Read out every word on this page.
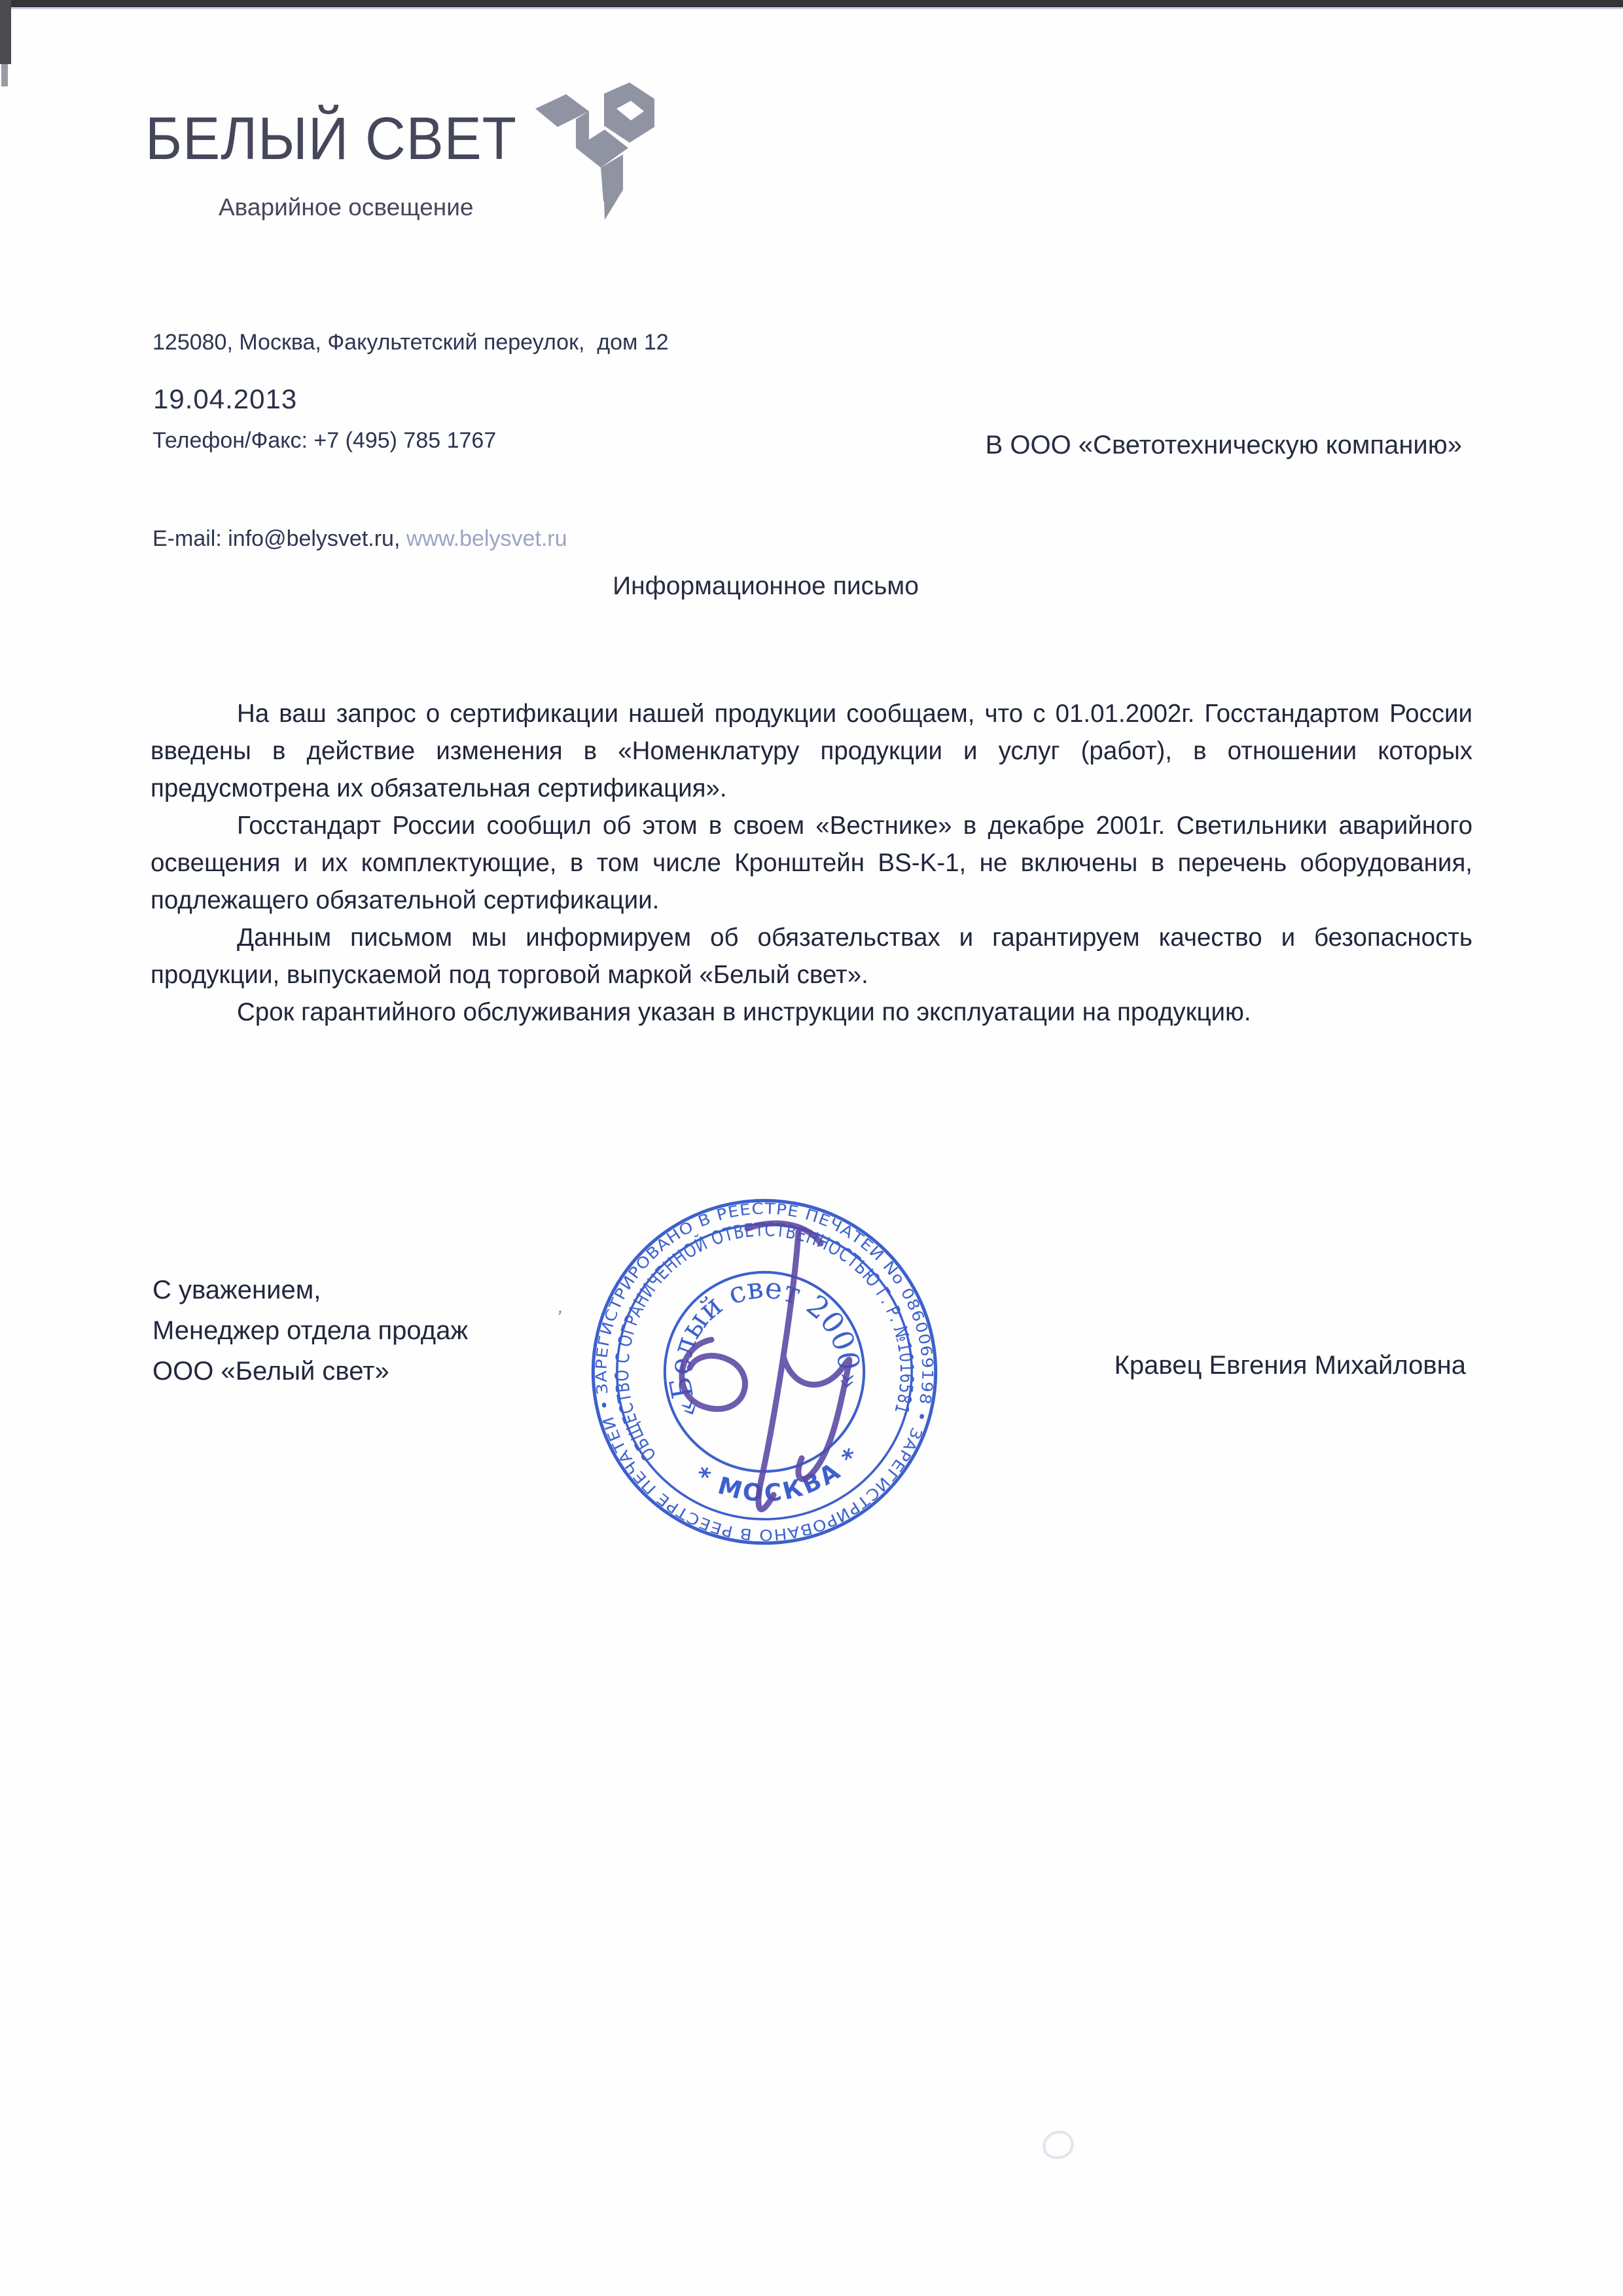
БЕЛЫЙ СВЕТ
Аварийное освещение

125080, Москва, Факультетский переулок,  дом 12

Телефон/Факс: +7 (495) 785 1767

E-mail: info@belysvet.ru, www.belysvet.ru

19.04.2013
В ООО «Светотехническую компанию»
Информационное письмо

На ваш запрос о сертификации нашей продукции сообщаем, что с 01.01.2002г. Госстандартом России введены в действие изменения в «Номенклатуру продукции и услуг (работ), в отношении которых предусмотрена их обязательная сертификация».

Госстандарт России сообщил об этом в своем «Вестнике» в декабре 2001г. Светильники аварийного освещения и их комплектующие, в том числе Кронштейн BS-K-1, не включены в перечень оборудования, подлежащего обязательной сертификации.

Данным письмом мы информируем об обязательствах и гарантируем качество и безопасность продукции, выпускаемой под торговой маркой «Белый свет».

Срок гарантийного обслуживания указан в инструкции по эксплуатации на продукцию.

С уважением,
Менеджер отдела продаж
ООО «Белый свет»	Кравец Евгения Михайловна
ЗАРЕГИСТРИРОВАНО В РЕЕСТРЕ ПЕЧАТЕЙ No 0860069198 • ЗАРЕГИСТРИРОВАНО В РЕЕСТРЕ ПЕЧАТЕЙ •
ОБЩЕСТВО С ОГРАНИЧЕННОЙ ОТВЕТСТВЕННОСТЬЮ Г. Р. №1016581
* МОСКВА *
«Белый свет 2000»
ʼ
